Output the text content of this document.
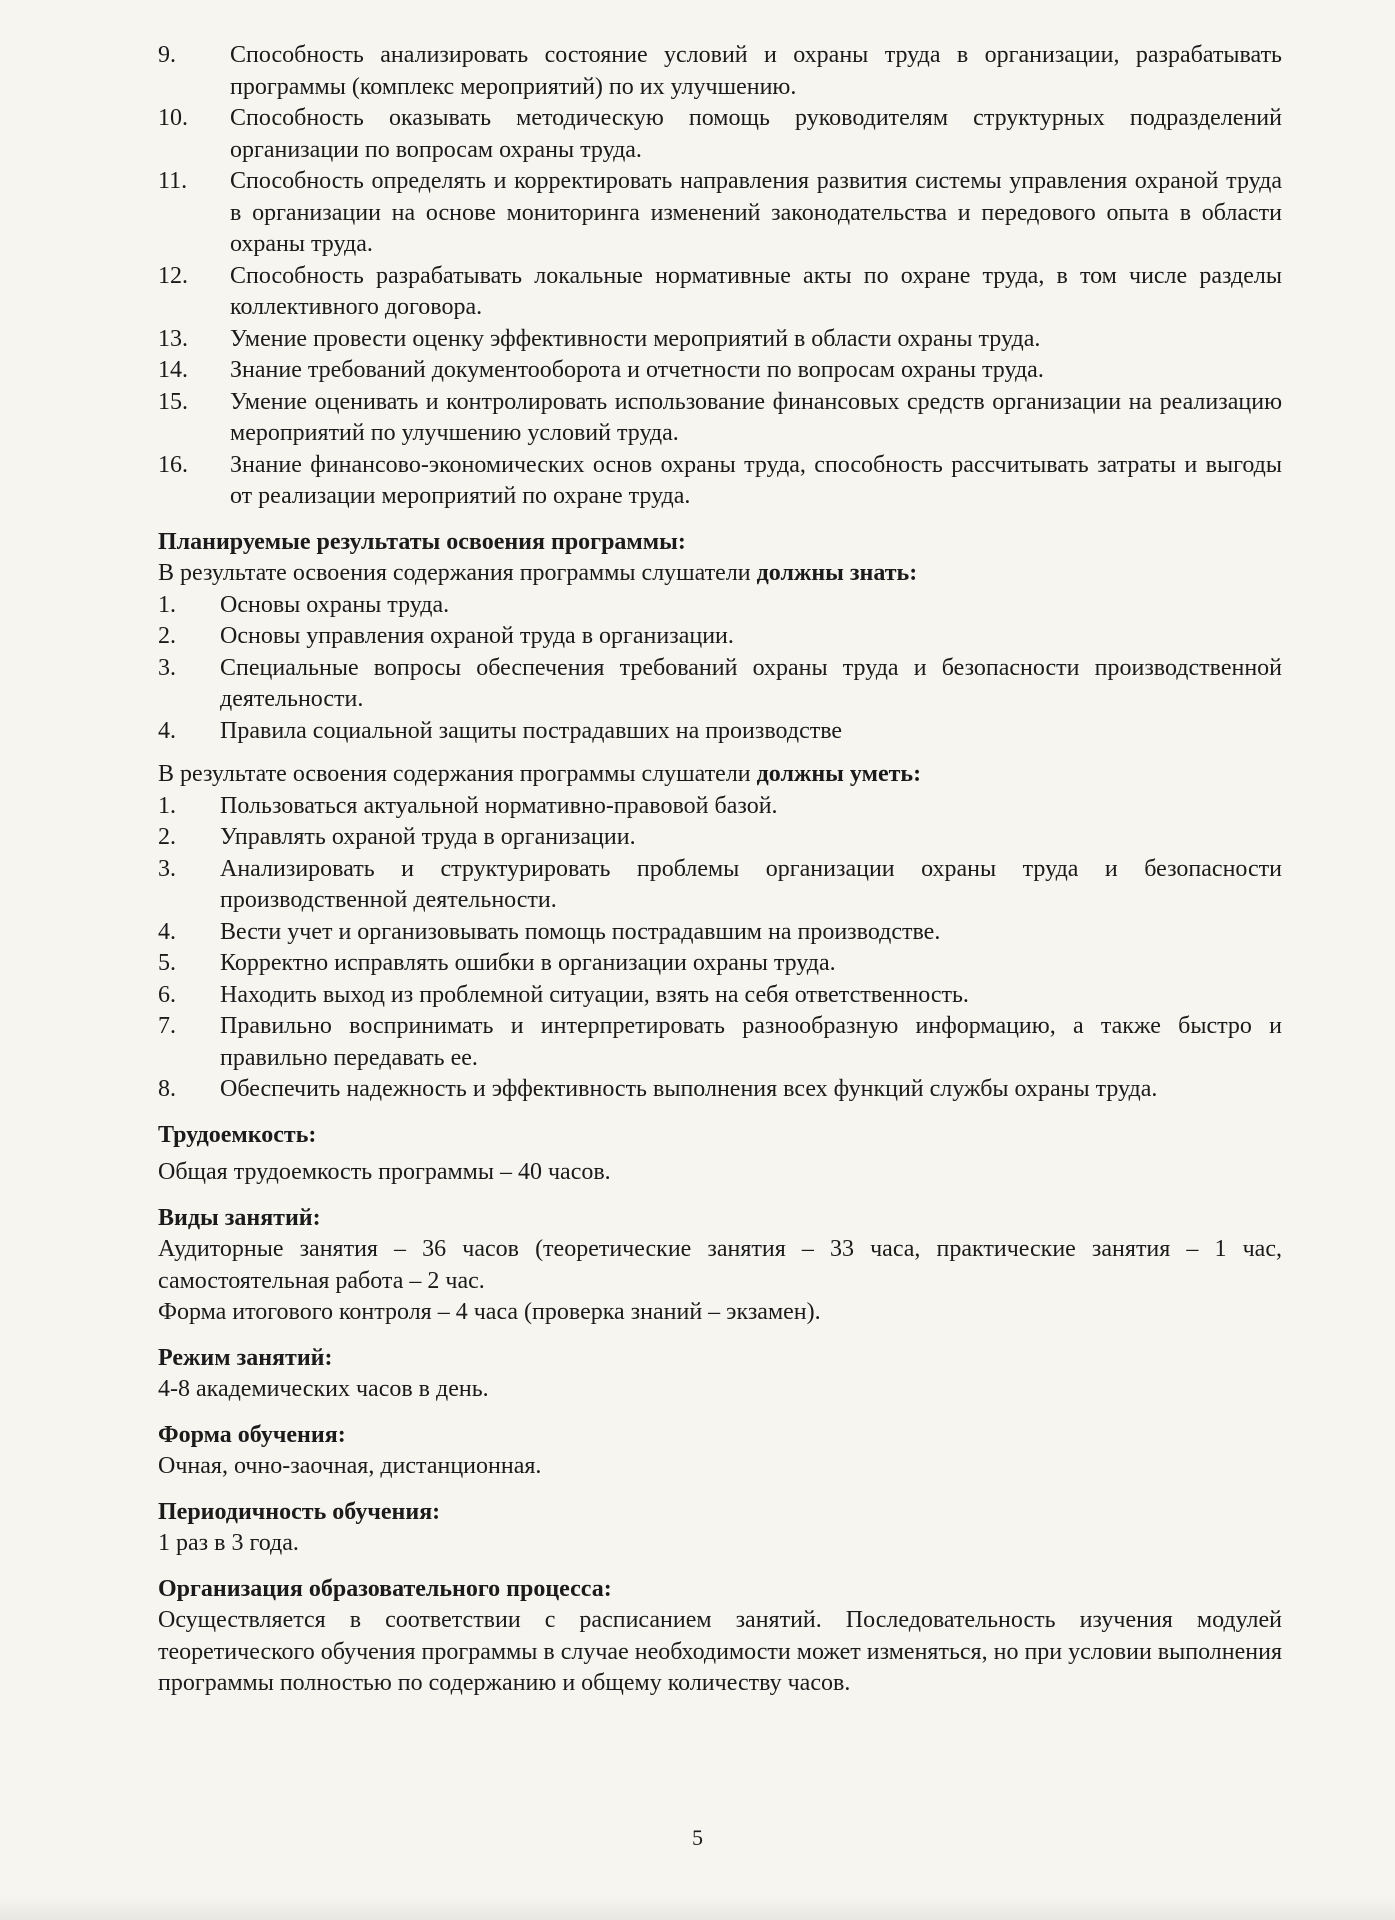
9.	Способность анализировать состояние условий и охраны труда в организации, разрабатывать программы (комплекс мероприятий) по их улучшению.
10.	Способность оказывать методическую помощь руководителям структурных подразделений организации по вопросам охраны труда.
11.	Способность определять и корректировать направления развития системы управления охраной труда в организации на основе мониторинга изменений законодательства и передового опыта в области охраны труда.
12.	Способность разрабатывать локальные нормативные акты по охране труда, в том числе разделы коллективного договора.
13.	Умение провести оценку эффективности мероприятий в области охраны труда.
14.	Знание требований документооборота и отчетности по вопросам охраны труда.
15.	Умение оценивать и контролировать использование финансовых средств организации на реализацию мероприятий по улучшению условий труда.
16.	Знание финансово-экономических основ охраны труда, способность рассчитывать затраты и выгоды от реализации мероприятий по охране труда.

Планируемые результаты освоения программы:

В результате освоения содержания программы слушатели должны знать:

1.	Основы охраны труда.
2.	Основы управления охраной труда в организации.
3.	Специальные вопросы обеспечения требований охраны труда и безопасности производственной деятельности.
4.	Правила социальной защиты пострадавших на производстве

В результате освоения содержания программы слушатели должны уметь:

1.	Пользоваться актуальной нормативно-правовой базой.
2.	Управлять охраной труда в организации.
3.	Анализировать и структурировать проблемы организации охраны труда и безопасности производственной деятельности.
4.	Вести учет и организовывать помощь пострадавшим на производстве.
5.	Корректно исправлять ошибки в организации охраны труда.
6.	Находить выход из проблемной ситуации, взять на себя ответственность.
7.	Правильно воспринимать и интерпретировать разнообразную информацию, а также быстро и правильно передавать ее.
8.	Обеспечить надежность и эффективность выполнения всех функций службы охраны труда.

Трудоемкость:

Общая трудоемкость программы – 40 часов.

Виды занятий:

Аудиторные занятия – 36 часов (теоретические занятия – 33 часа, практические занятия – 1 час, самостоятельная работа – 2 час.

Форма итогового контроля – 4 часа (проверка знаний – экзамен).

Режим занятий:

4-8 академических часов в день.

Форма обучения:

Очная, очно-заочная, дистанционная.

Периодичность обучения:

1 раз в 3 года.

Организация образовательного процесса:

Осуществляется в соответствии с расписанием занятий. Последовательность изучения модулей теоретического обучения программы в случае необходимости может изменяться, но при условии выполнения программы полностью по содержанию и общему количеству часов.

5
